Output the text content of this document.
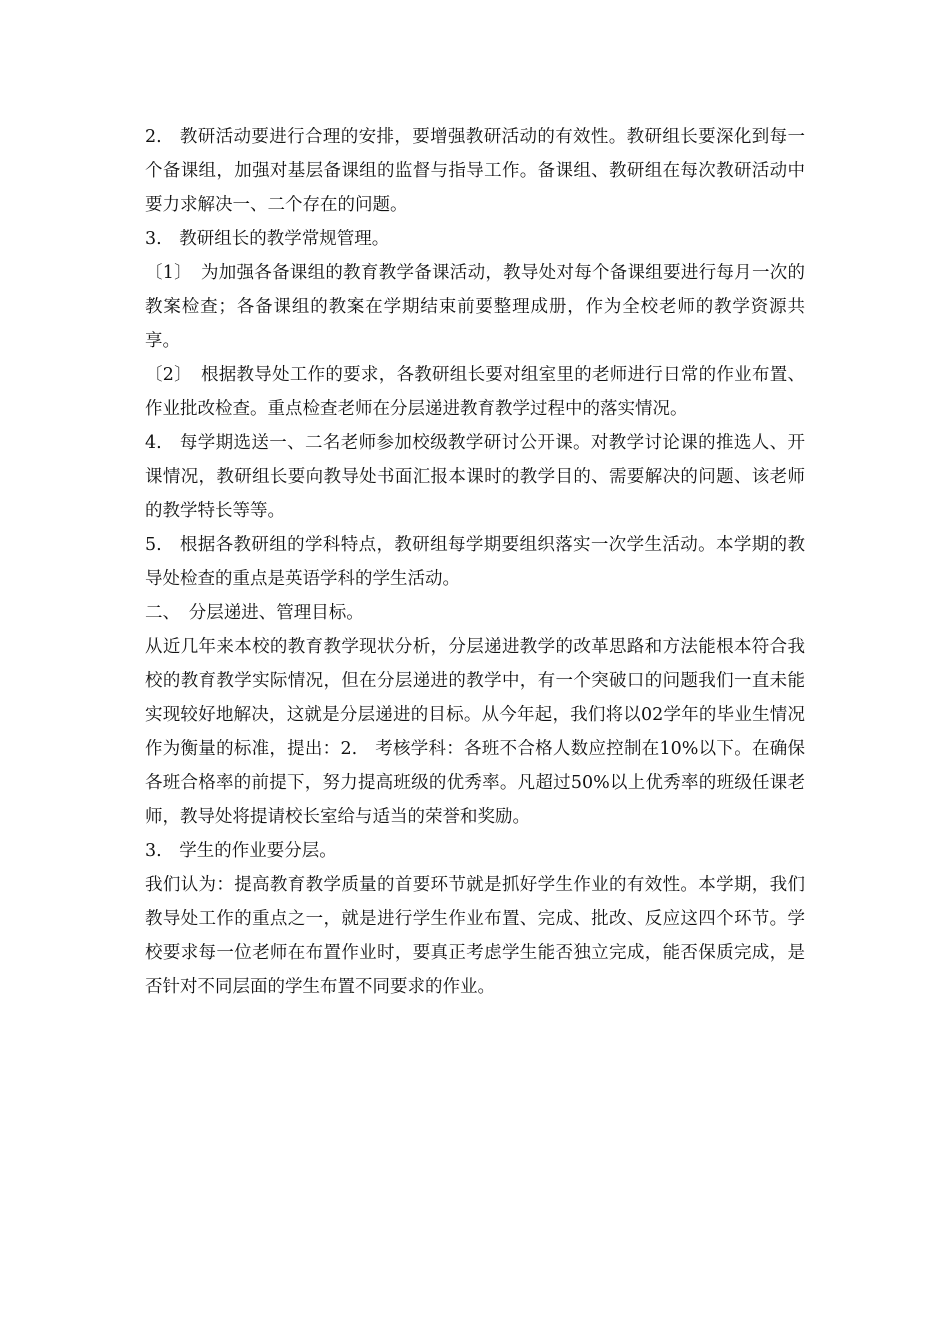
2.　教研活动要进行合理的安排，要增强教研活动的有效性。教研组长要深化到每一个备课组，加强对基层备课组的监督与指导工作。备课组、教研组在每次教研活动中要力求解决一、二个存在的问题。

3.　教研组长的教学常规管理。

〔1〕　为加强各备课组的教育教学备课活动，教导处对每个备课组要进行每月一次的教案检查；各备课组的教案在学期结束前要整理成册，作为全校老师的教学资源共享。

〔2〕　根据教导处工作的要求，各教研组长要对组室里的老师进行日常的作业布置、作业批改检查。重点检查老师在分层递进教育教学过程中的落实情况。

4.　每学期选送一、二名老师参加校级教学研讨公开课。对教学讨论课的推选人、开课情况，教研组长要向教导处书面汇报本课时的教学目的、需要解决的问题、该老师的教学特长等等。

5.　根据各教研组的学科特点，教研组每学期要组织落实一次学生活动。本学期的教导处检查的重点是英语学科的学生活动。

二、　分层递进、管理目标。

从近几年来本校的教育教学现状分析，分层递进教学的改革思路和方法能根本符合我校的教育教学实际情况，但在分层递进的教学中，有一个突破口的问题我们一直未能实现较好地解决，这就是分层递进的目标。从今年起，我们将以02学年的毕业生情况作为衡量的标准，提出：2.　考核学科：各班不合格人数应控制在10%以下。在确保各班合格率的前提下，努力提高班级的优秀率。凡超过50%以上优秀率的班级任课老师，教导处将提请校长室给与适当的荣誉和奖励。

3.　学生的作业要分层。

我们认为：提高教育教学质量的首要环节就是抓好学生作业的有效性。本学期，我们教导处工作的重点之一，就是进行学生作业布置、完成、批改、反应这四个环节。学校要求每一位老师在布置作业时，要真正考虑学生能否独立完成，能否保质完成，是否针对不同层面的学生布置不同要求的作业。
